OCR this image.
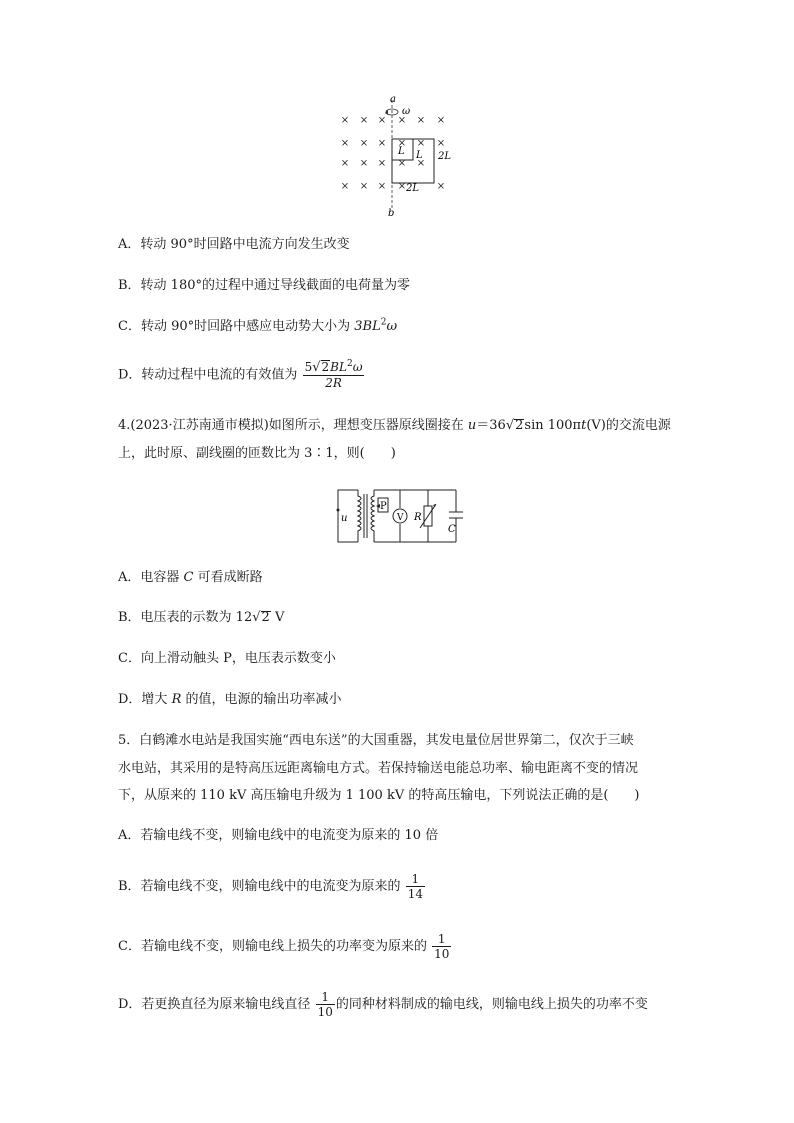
× × × × × ×
× × × × × ×
× × × × ×
× × × ×	×
a
b
ω
L L 2L
2L
A．转动 90°时回路中电流方向发生改变
B．转动 180°的过程中通过导线截面的电荷量为零
C．转动 90°时回路中感应电动势大小为 $3BL^2\omega$
D．转动过程中电流的有效值为 $\frac{5√2BL^2\omega}{2R}$
4.(2023·江苏南通市模拟)如图所示，理想变压器原线圈接在 u＝36√2sin 100πt(V)的交流电源
上，此时原、副线圈的匝数比为 3∶1，则(　　)
u
P
V R
C
A．电容器 C 可看成断路
B．电压表的示数为 12√2 V
C．向上滑动触头 P，电压表示数变小
D．增大 R 的值，电源的输出功率减小
5．白鹤滩水电站是我国实施“西电东送”的大国重器，其发电量位居世界第二，仅次于三峡
水电站，其采用的是特高压远距离输电方式。若保持输送电能总功率、输电距离不变的情况
下，从原来的 110 kV 高压输电升级为 1 100 kV 的特高压输电，下列说法正确的是(　　)
A．若输电线不变，则输电线中的电流变为原来的 10 倍
B．若输电线不变，则输电线中的电流变为原来的 $\frac{1}{14}$
C．若输电线不变，则输电线上损失的功率变为原来的 $\frac{1}{10}$
D．若更换直径为原来输电线直径 $\frac{1}{10}$ 的同种材料制成的输电线，则输电线上损失的功率不变
